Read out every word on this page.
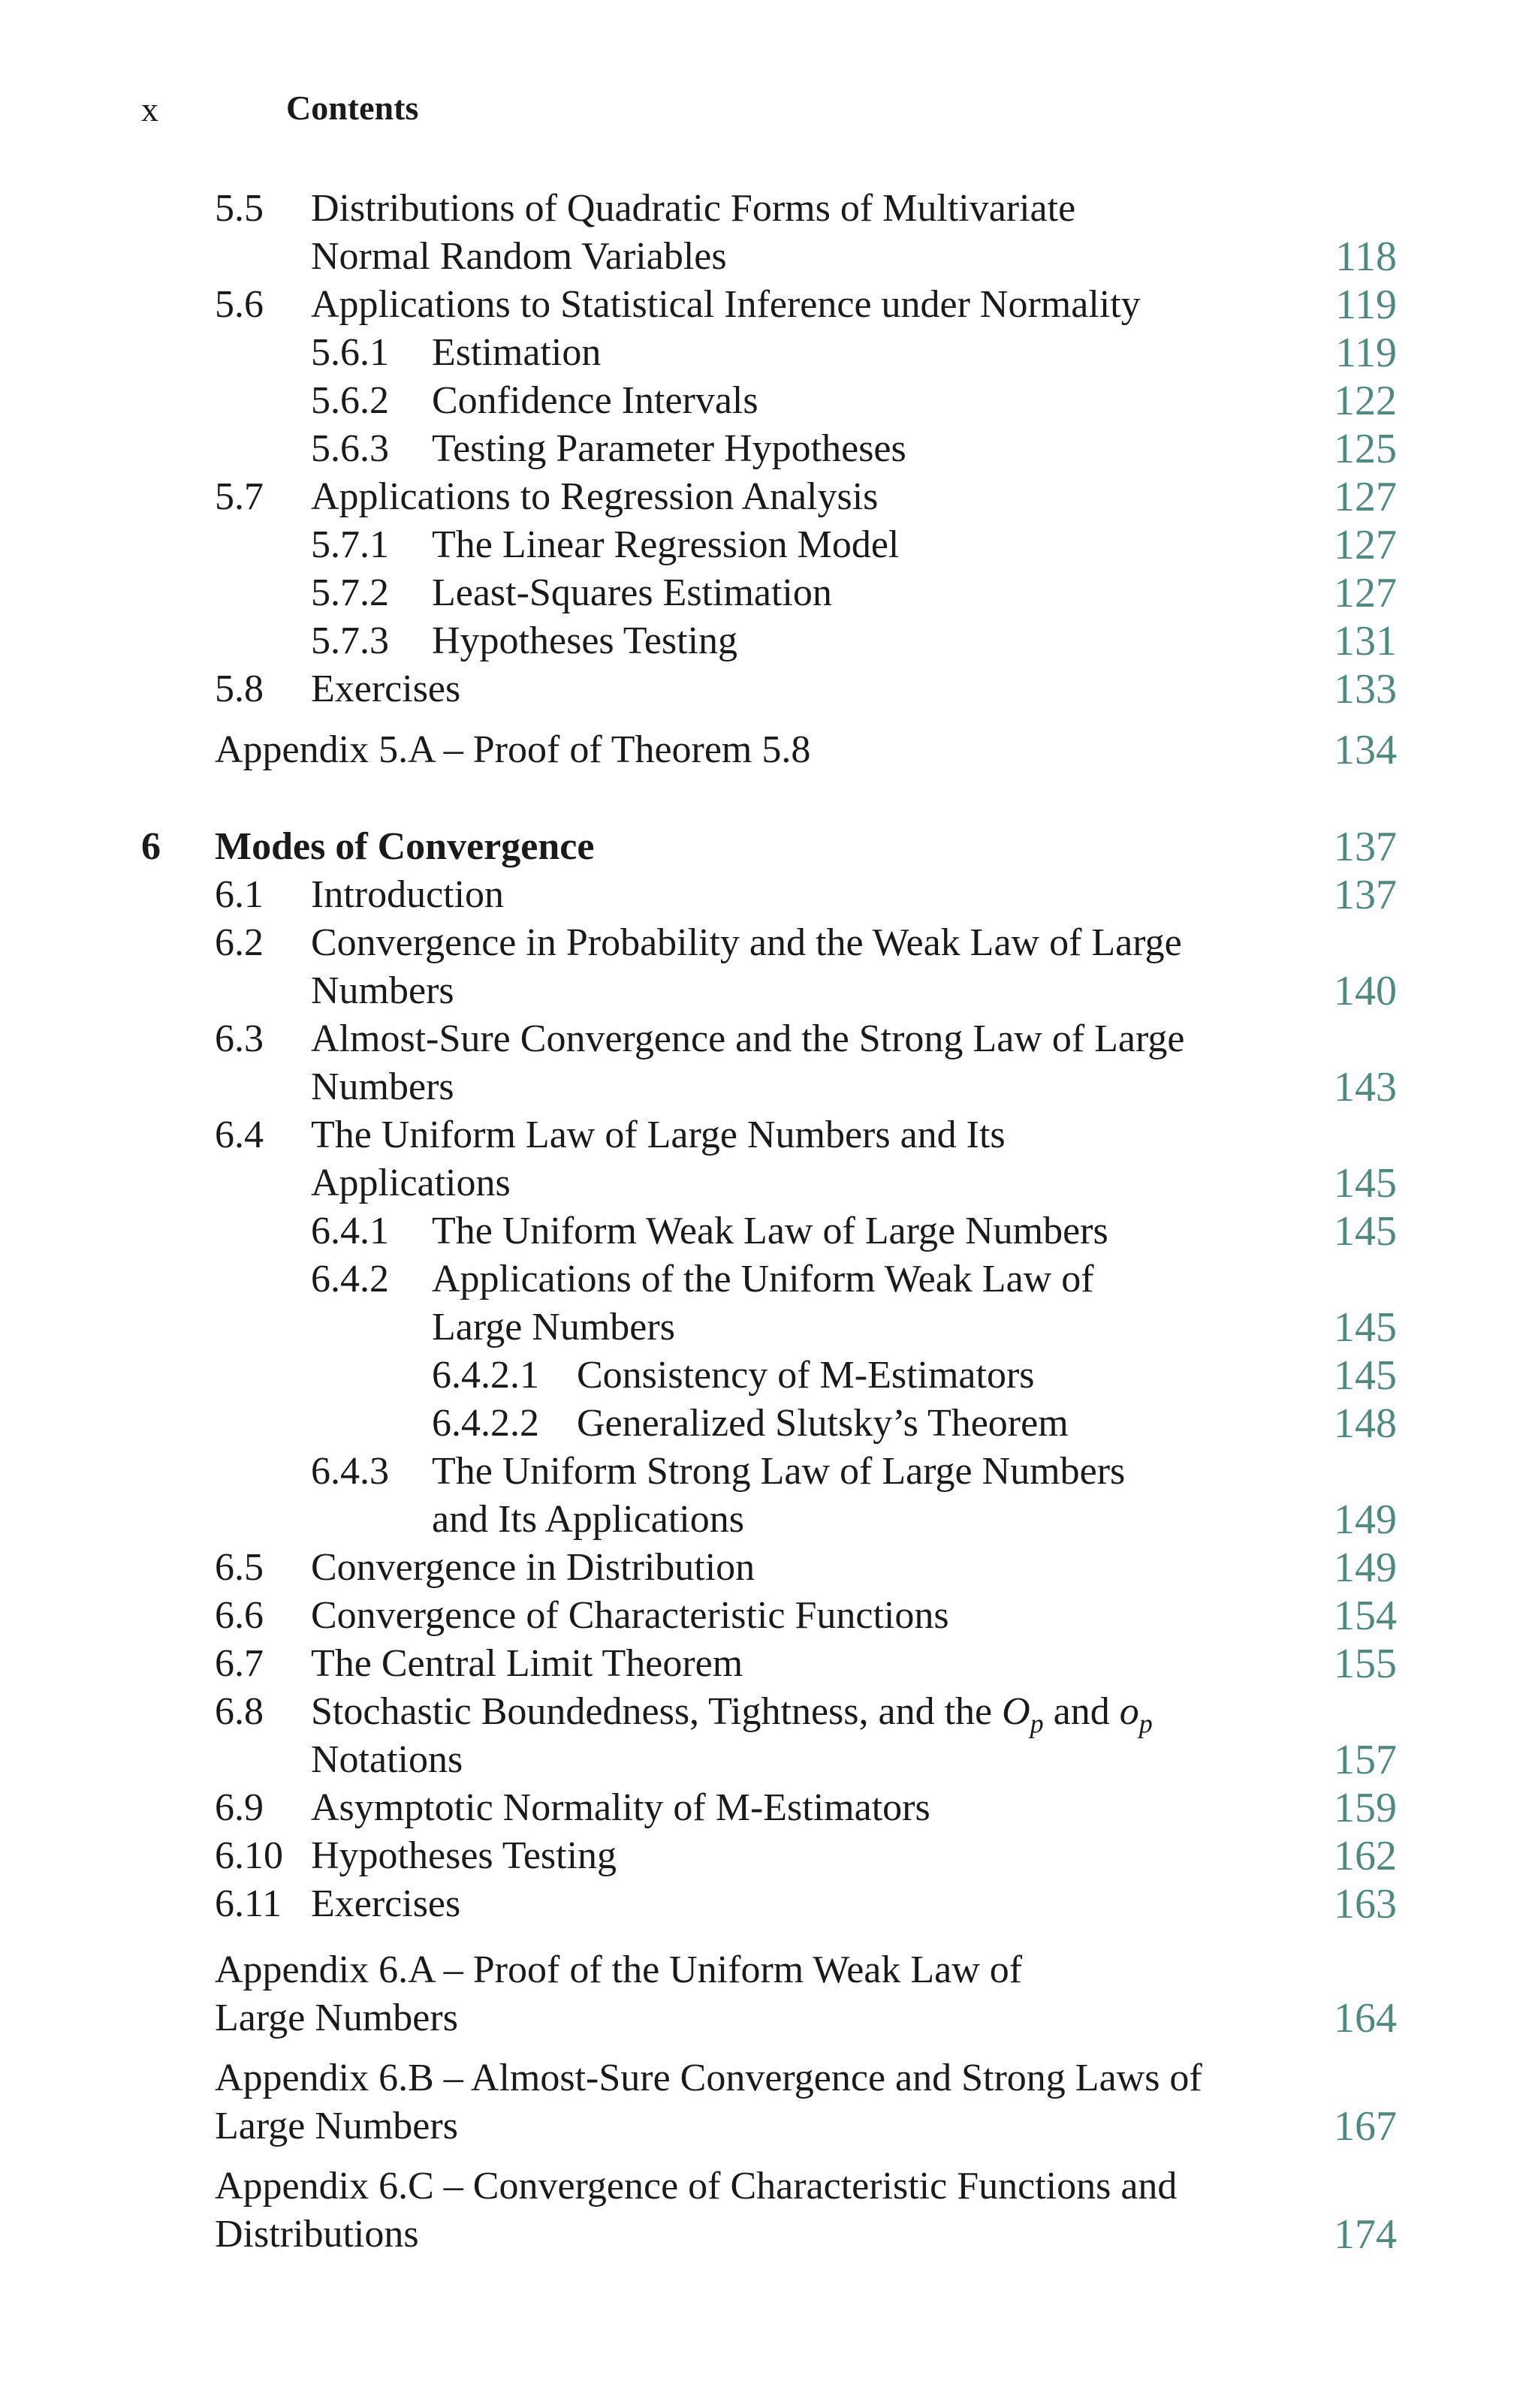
x	Contents
5.5 Distributions of Quadratic Forms of Multivariate
Normal Random Variables	118
5.6 Applications to Statistical Inference under Normality	119
5.6.1 Estimation	119
5.6.2 Confidence Intervals	122
5.6.3 Testing Parameter Hypotheses	125
5.7 Applications to Regression Analysis	127
5.7.1 The Linear Regression Model	127
5.7.2 Least-Squares Estimation	127
5.7.3 Hypotheses Testing	131
5.8 Exercises	133
Appendix 5.A – Proof of Theorem 5.8	134
6 Modes of Convergence	137
6.1 Introduction	137
6.2 Convergence in Probability and the Weak Law of Large
Numbers	140
6.3 Almost-Sure Convergence and the Strong Law of Large
Numbers	143
6.4 The Uniform Law of Large Numbers and Its
Applications	145
6.4.1 The Uniform Weak Law of Large Numbers	145
6.4.2 Applications of the Uniform Weak Law of
Large Numbers	145
6.4.2.1 Consistency of M-Estimators	145
6.4.2.2 Generalized Slutsky’s Theorem	148
6.4.3 The Uniform Strong Law of Large Numbers
and Its Applications	149
6.5 Convergence in Distribution	149
6.6 Convergence of Characteristic Functions	154
6.7 The Central Limit Theorem	155
6.8 Stochastic Boundedness, Tightness, and the $O_p$ and $o_p$
Notations	157
6.9 Asymptotic Normality of M-Estimators	159
6.10 Hypotheses Testing	162
6.11 Exercises	163
Appendix 6.A – Proof of the Uniform Weak Law of
Large Numbers	164
Appendix 6.B – Almost-Sure Convergence and Strong Laws of
Large Numbers	167
Appendix 6.C – Convergence of Characteristic Functions and
Distributions	174
